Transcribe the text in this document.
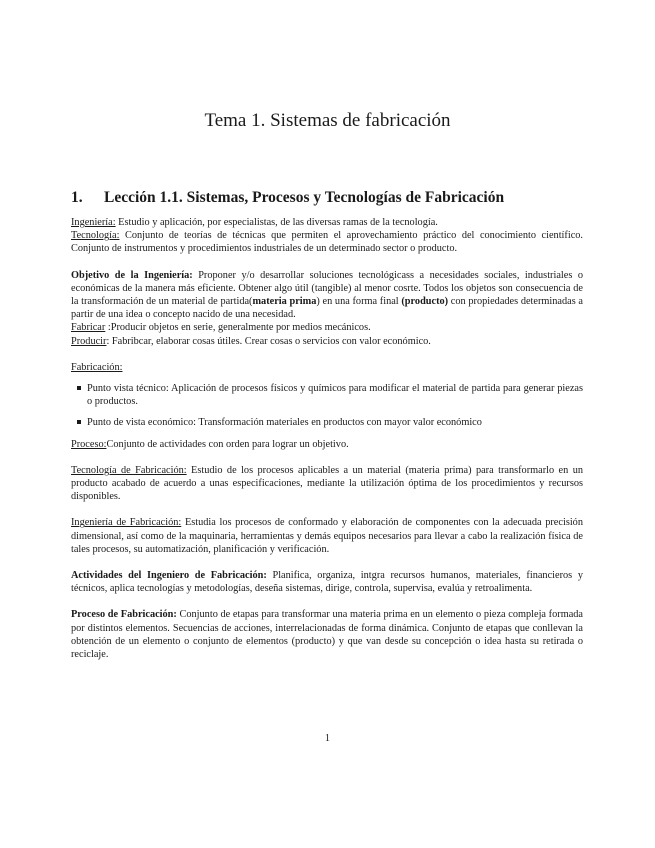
Tema 1. Sistemas de fabricación
1. Lección 1.1. Sistemas, Procesos y Tecnologías de Fabricación

Ingeniería: Estudio y aplicación, por especialistas, de las diversas ramas de la tecnología.

Tecnología: Conjunto de teorías de técnicas que permiten el aprovechamiento práctico del conocimiento científico. Conjunto de instrumentos y procedimientos industriales de un determinado sector o producto.

Objetivo de la Ingeniería: Proponer y/o desarrollar soluciones tecnológicass a necesidades sociales, industriales o económicas de la manera más eficiente. Obtener algo útil (tangible) al menor cosrte. Todos los objetos son consecuencia de la transformación de un material de partida(materia prima) en una forma final (producto) con propiedades determinadas a partir de una idea o concepto nacido de una necesidad.

Fabricar :Producir objetos en serie, generalmente por medios mecánicos.

Producir: Fabribcar, elaborar cosas útiles. Crear cosas o servicios con valor económico.

Fabricación:

Punto vista técnico: Aplicación de procesos físicos y químicos para modificar el material de partida para generar piezas o productos.
Punto de vista económico: Transformación materiales en productos con mayor valor económico

Proceso:Conjunto de actividades con orden para lograr un objetivo.

Tecnología de Fabricación: Estudio de los procesos aplicables a un material (materia prima) para transformarlo en un producto acabado de acuerdo a unas especificaciones, mediante la utilización óptima de los procedimientos y recursos disponibles.

Ingeniería de Fabricación: Estudia los procesos de conformado y elaboración de componentes con la adecuada precisión dimensional, así como de la maquinaria, herramientas y demás equipos necesarios para llevar a cabo la realización física de tales procesos, su automatización, planificación y verificación.

Actividades del Ingeniero de Fabricación: Planifica, organiza, intgra recursos humanos, materiales, financieros y técnicos, aplica tecnologías y metodologías, deseña sistemas, dirige, controla, supervisa, evalúa y retroalimenta.

Proceso de Fabricación: Conjunto de etapas para transformar una materia prima en un elemento o pieza compleja formada por distintos elementos. Secuencias de acciones, interrelacionadas de forma dinámica. Conjunto de etapas que conllevan la obtención de un elemento o conjunto de elementos (producto) y que van desde su concepción o idea hasta su retirada o reciclaje.

1
